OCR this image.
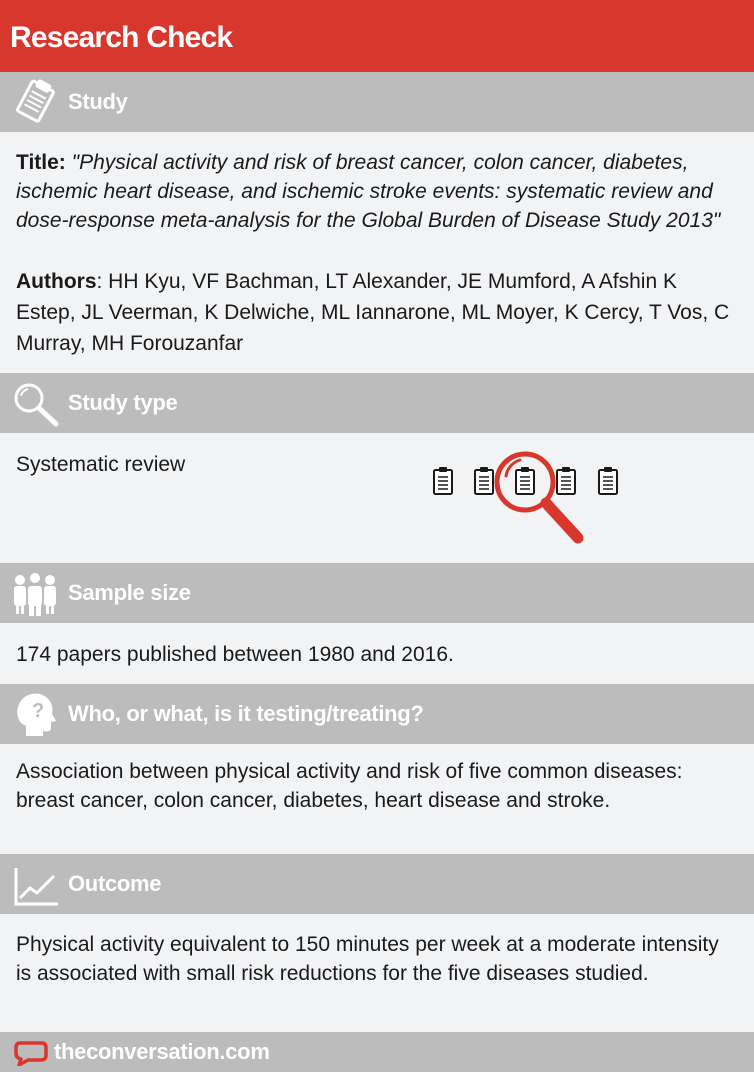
Research Check
Study
Title: "Physical activity and risk of breast cancer, colon cancer, diabetes, ischemic heart disease, and ischemic stroke events: systematic review and dose-response meta-analysis for the Global Burden of Disease Study 2013"
Authors: HH Kyu, VF Bachman, LT Alexander, JE Mumford, A Afshin K Estep, JL Veerman, K Delwiche, ML Iannarone, ML Moyer, K Cercy, T Vos, C Murray, MH Forouzanfar
Study type
Systematic review
Sample size
174 papers published between 1980 and 2016.
? Who, or what, is it testing/treating?
Association between physical activity and risk of five common diseases: breast cancer, colon cancer, diabetes, heart disease and stroke.
Outcome
Physical activity equivalent to 150 minutes per week at a moderate intensity is associated with small risk reductions for the five diseases studied.
theconversation.com
